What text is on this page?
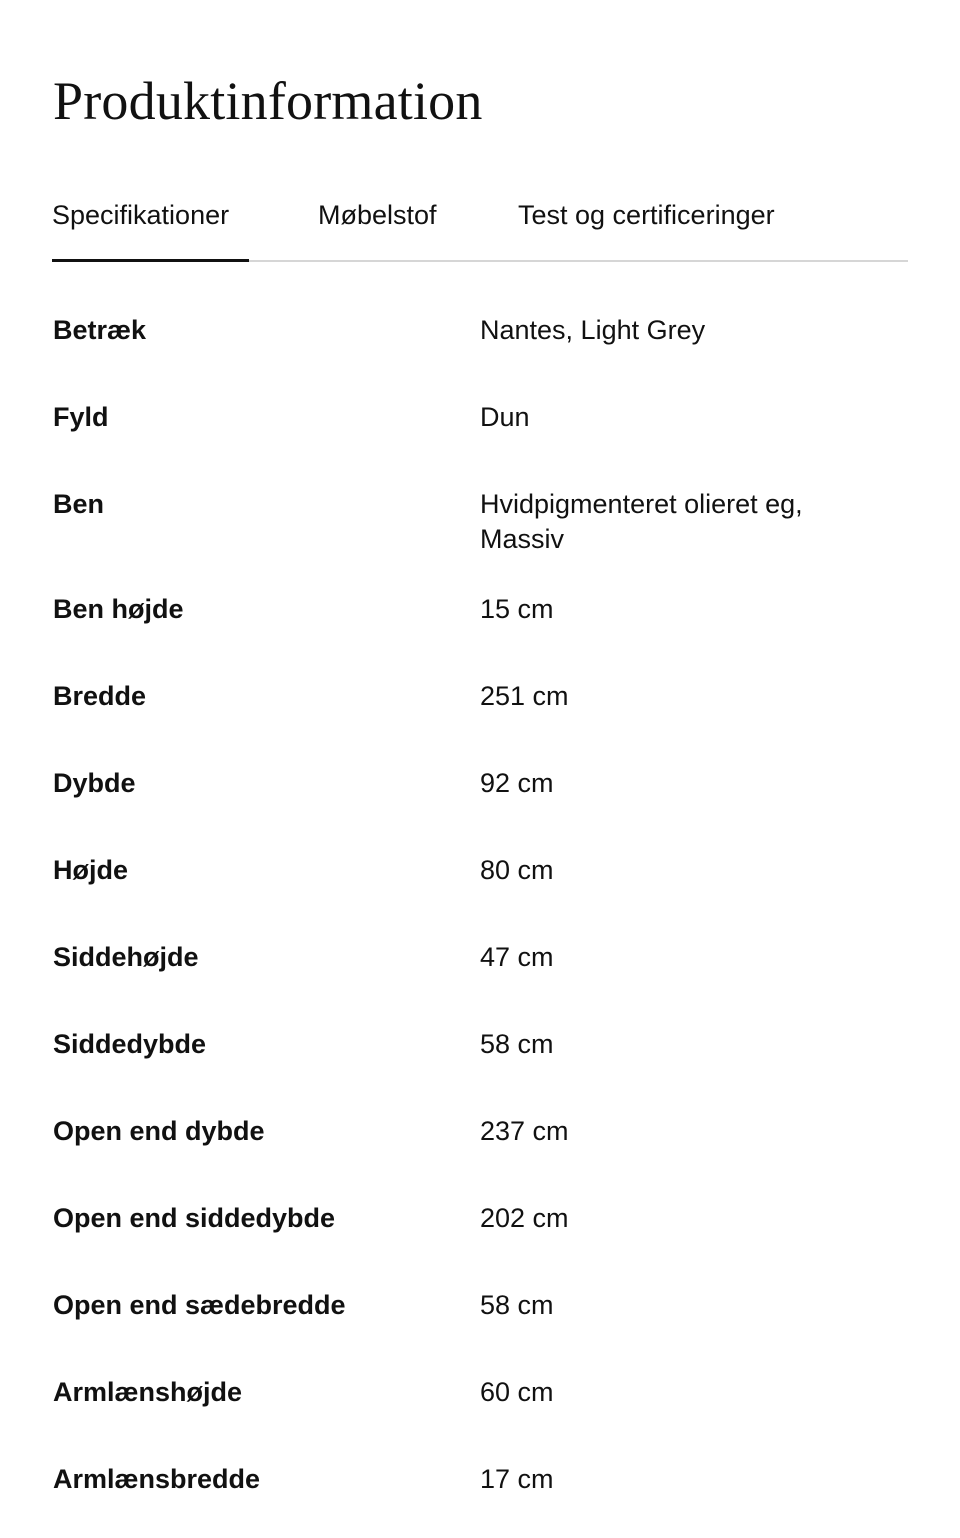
Produktinformation
Specifikationer	Møbelstof	Test og certificeringer
Betræk	Nantes, Light Grey
Fyld	Dun
Ben	Hvidpigmenteret olieret eg, Massiv
Ben højde	15 cm
Bredde	251 cm
Dybde	92 cm
Højde	80 cm
Siddehøjde	47 cm
Siddedybde	58 cm
Open end dybde	237 cm
Open end siddedybde	202 cm
Open end sædebredde	58 cm
Armlænshøjde	60 cm
Armlænsbredde	17 cm
